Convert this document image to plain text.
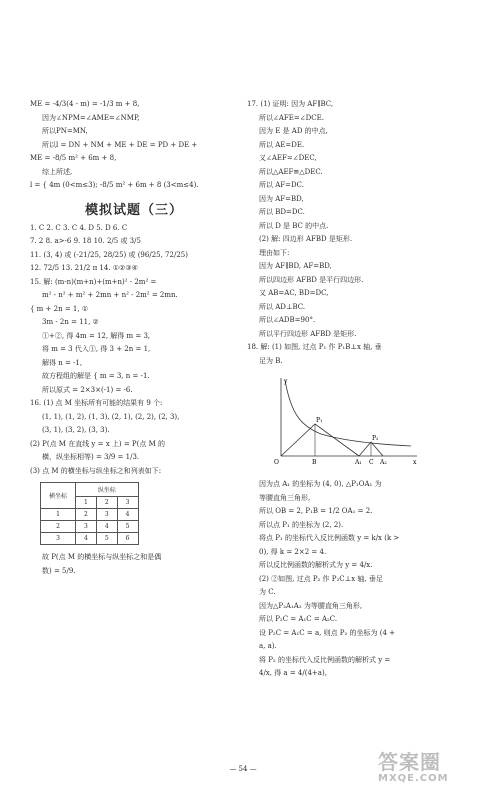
ME = -4/3(4 - m) = -1/3 m + 8,
因为∠NPM=∠AME=∠NMP,
所以PN=MN,
所以l = DN + NM + ME + DE = PD + DE +
ME = -8/5 m² + 6m + 8,
综上所述,
l = { 4m (0<m≤3); -8/5 m² + 6m + 8 (3<m≤4).
模拟试题（三）
1. C 2. C 3. C 4. D 5. D 6. C
7. 2 8. a>-6 9. 18 10. 2/5 或 3/5
11. (3, 4) 或 (-21/25, 28/25) 或 (96/25, 72/25)
12. 72/5 13. 21/2 π 14. ①②③④
15. 解: (m-n)(m+n)+(m+n)² - 2m² =
m² - n² + m² + 2mn + n² - 2m² = 2mn.
{ m + 2n = 1, ①
3m - 2n = 11, ②
①+②, 得 4m = 12, 解得 m = 3,
将 m = 3 代入①, 得 3 + 2n = 1,
解得 n = -1,
故方程组的解是 { m = 3, n = -1.
所以原式 = 2×3×(-1) = -6.
16. (1) 点 M 坐标所有可能的结果有 9 个:
(1, 1), (1, 2), (1, 3), (2, 1), (2, 2), (2, 3),
(3, 1), (3, 2), (3, 3).
(2) P(点 M 在直线 y = x 上) = P(点 M 的
横、纵坐标相等) = 3/9 = 1/3.
(3) 点 M 的横坐标与纵坐标之和列表如下:
横坐标	纵坐标		
	1	2	3
1	2	3	4
2	3	4	5
3	4	5	6
故 P(点 M 的横坐标与纵坐标之和是偶
数) = 5/9.
17. (1) 证明: 因为 AF∥BC,
所以∠AFE=∠DCE.
因为 E 是 AD 的中点,
所以 AE=DE.
又∠AEF=∠DEC,
所以△AEF≌△DEC.
所以 AF=DC.
因为 AF=BD,
所以 BD=DC.
所以 D 是 BC 的中点.
(2) 解: 四边形 AFBD 是矩形.
理由如下:
因为 AF∥BD, AF=BD,
所以四边形 AFBD 是平行四边形.
又 AB=AC, BD=DC,
所以 AD⊥BC.
所以∠ADB=90°.
所以平行四边形 AFBD 是矩形.
18. 解: (1) 如图, 过点 P₁ 作 P₁B⊥x 轴, 垂
足为 B.
y
x
O
P₁
P₂
B	A₁ C A₂
因为点 A₁ 的坐标为 (4, 0), △P₁OA₁ 为
等腰直角三角形,
所以 OB = 2, P₁B = 1/2 OA₁ = 2.
所以点 P₁ 的坐标为 (2, 2).
将点 P₁ 的坐标代入反比例函数 y = k/x (k >
0), 得 k = 2×2 = 4.
所以反比例函数的解析式为 y = 4/x.
(2) ②如图, 过点 P₂ 作 P₂C⊥x 轴, 垂足
为 C.
因为△P₂A₁A₂ 为等腰直角三角形,
所以 P₂C = A₁C = A₂C.
设 P₂C = A₁C = a, 则点 P₂ 的坐标为 (4 +
a, a).
将 P₂ 的坐标代入反比例函数的解析式 y =
4/x, 得 a = 4/(4+a),
— 54 —	答案圈
MXQE.COM
